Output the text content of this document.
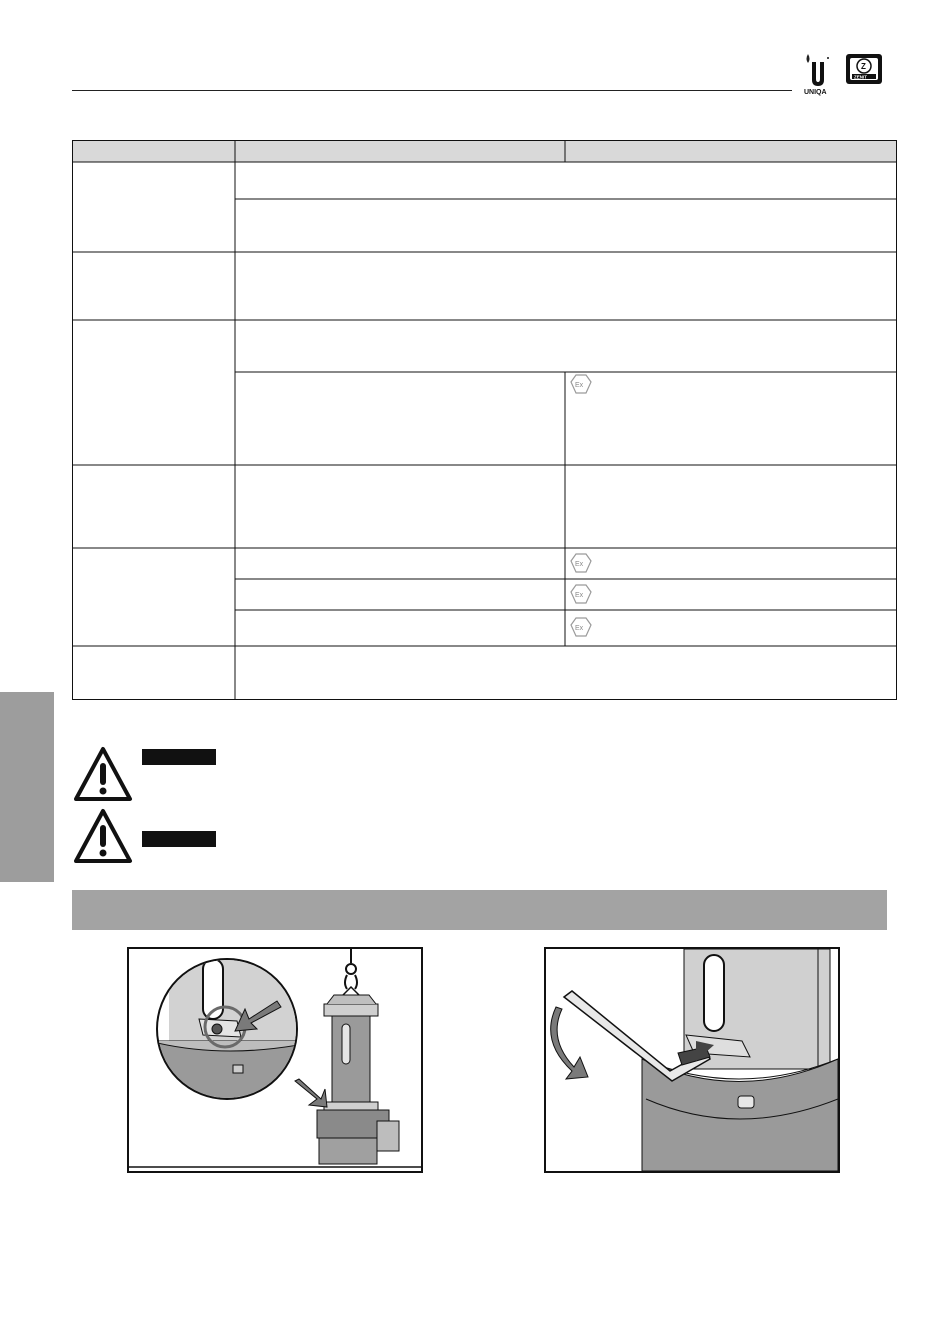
UNIQA
Z
ZENIT
Ex
Ex
Ex
Ex
